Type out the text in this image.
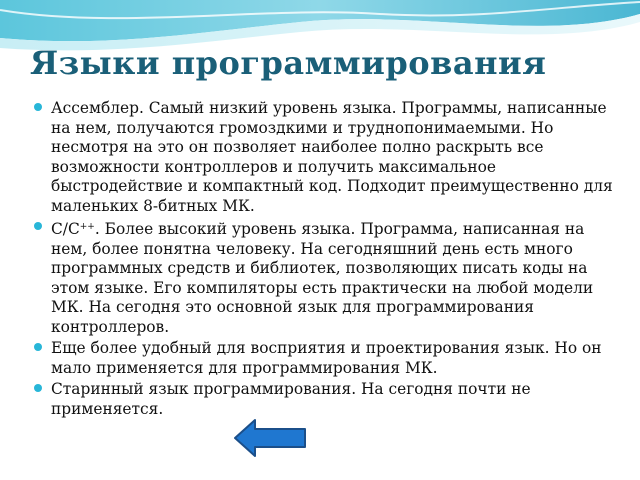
Языки программирования
Ассемблер. Самый низкий уровень языка. Программы, написанные на нем, получаются громоздкими и труднопонимаемыми. Но несмотря на это он позволяет наиболее полно раскрыть все возможности контроллеров и получить максимальное быстродействие и компактный код. Подходит преимущественно для маленьких 8-битных МК.
C/C++. Более высокий уровень языка. Программа, написанная на нем, более понятна человеку. На сегодняшний день есть много программных средств и библиотек, позволяющих писать коды на этом языке. Его компиляторы есть практически на любой модели МК. На сегодня это основной язык для программирования контроллеров.
Еще более удобный для восприятия и проектирования язык. Но он мало применяется для программирования МК.
Старинный язык программирования. На сегодня почти не применяется.
